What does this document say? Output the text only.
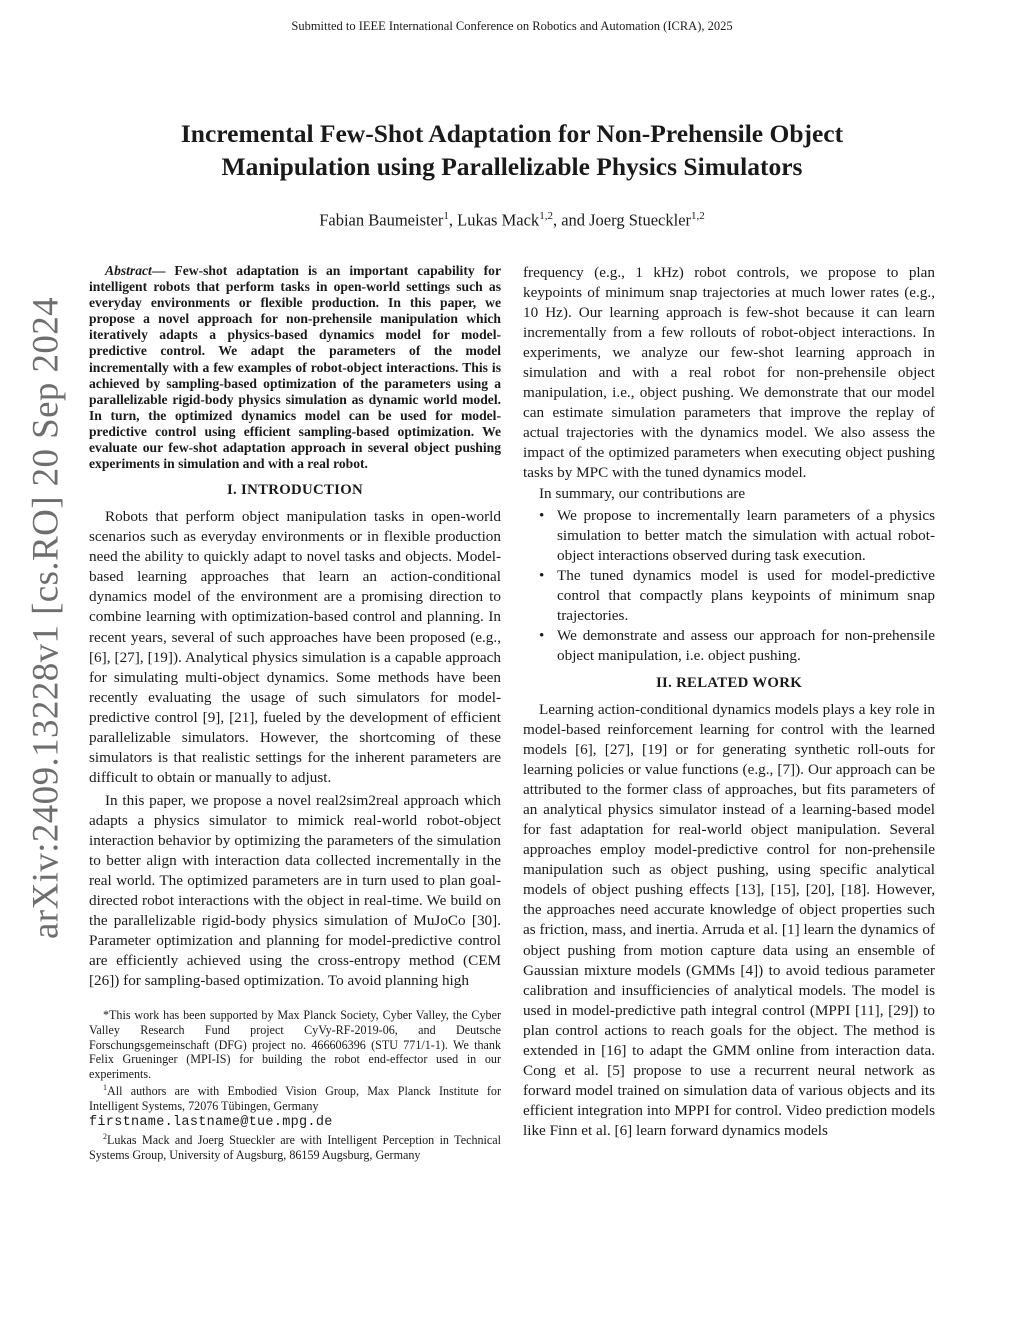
Submitted to IEEE International Conference on Robotics and Automation (ICRA), 2025
arXiv:2409.13228v1 [cs.RO] 20 Sep 2024
Incremental Few-Shot Adaptation for Non-Prehensile Object
Manipulation using Parallelizable Physics Simulators
Fabian Baumeister$^1$, Lukas Mack$^{1,2}$, and Joerg Stueckler$^{1,2}$

Abstract— Few-shot adaptation is an important capability for intelligent robots that perform tasks in open-world settings such as everyday environments or flexible production. In this paper, we propose a novel approach for non-prehensile manipulation which iteratively adapts a physics-based dynamics model for model-predictive control. We adapt the parameters of the model incrementally with a few examples of robot-object interactions. This is achieved by sampling-based optimization of the parameters using a parallelizable rigid-body physics simulation as dynamic world model. In turn, the optimized dynamics model can be used for model-predictive control using efficient sampling-based optimization. We evaluate our few-shot adaptation approach in several object pushing experiments in simulation and with a real robot.

I. INTRODUCTION

Robots that perform object manipulation tasks in open-world scenarios such as everyday environments or in flexible production need the ability to quickly adapt to novel tasks and objects. Model-based learning approaches that learn an action-conditional dynamics model of the environment are a promising direction to combine learning with optimization-based control and planning. In recent years, several of such approaches have been proposed (e.g., [6], [27], [19]). Analytical physics simulation is a capable approach for simulating multi-object dynamics. Some methods have been recently evaluating the usage of such simulators for model-predictive control [9], [21], fueled by the development of efficient parallelizable simulators. However, the shortcoming of these simulators is that realistic settings for the inherent parameters are difficult to obtain or manually to adjust.

In this paper, we propose a novel real2sim2real approach which adapts a physics simulator to mimick real-world robot-object interaction behavior by optimizing the parameters of the simulation to better align with interaction data collected incrementally in the real world. The optimized parameters are in turn used to plan goal-directed robot interactions with the object in real-time. We build on the parallelizable rigid-body physics simulation of MuJoCo [30]. Parameter optimization and planning for model-predictive control are efficiently achieved using the cross-entropy method (CEM [26]) for sampling-based optimization. To avoid planning high

*This work has been supported by Max Planck Society, Cyber Valley, the Cyber Valley Research Fund project CyVy-RF-2019-06, and Deutsche Forschungsgemeinschaft (DFG) project no. 466606396 (STU 771/1-1). We thank Felix Grueninger (MPI-IS) for building the robot end-effector used in our experiments.

$^1$All authors are with Embodied Vision Group, Max Planck Institute for Intelligent Systems, 72076 Tübingen, Germany
firstname.lastname@tue.mpg.de

$^2$Lukas Mack and Joerg Stueckler are with Intelligent Perception in Technical Systems Group, University of Augsburg, 86159 Augsburg, Germany

frequency (e.g., 1 kHz) robot controls, we propose to plan keypoints of minimum snap trajectories at much lower rates (e.g., 10 Hz). Our learning approach is few-shot because it can learn incrementally from a few rollouts of robot-object interactions. In experiments, we analyze our few-shot learning approach in simulation and with a real robot for non-prehensile object manipulation, i.e., object pushing. We demonstrate that our model can estimate simulation parameters that improve the replay of actual trajectories with the dynamics model. We also assess the impact of the optimized parameters when executing object pushing tasks by MPC with the tuned dynamics model.

In summary, our contributions are

• We propose to incrementally learn parameters of a physics simulation to better match the simulation with actual robot-object interactions observed during task execution.
• The tuned dynamics model is used for model-predictive control that compactly plans keypoints of minimum snap trajectories.
• We demonstrate and assess our approach for non-prehensile object manipulation, i.e. object pushing.
II. RELATED WORK

Learning action-conditional dynamics models plays a key role in model-based reinforcement learning for control with the learned models [6], [27], [19] or for generating synthetic roll-outs for learning policies or value functions (e.g., [7]). Our approach can be attributed to the former class of approaches, but fits parameters of an analytical physics simulator instead of a learning-based model for fast adaptation for real-world object manipulation. Several approaches employ model-predictive control for non-prehensile manipulation such as object pushing, using specific analytical models of object pushing effects [13], [15], [20], [18]. However, the approaches need accurate knowledge of object properties such as friction, mass, and inertia. Arruda et al. [1] learn the dynamics of object pushing from motion capture data using an ensemble of Gaussian mixture models (GMMs [4]) to avoid tedious parameter calibration and insufficiencies of analytical models. The model is used in model-predictive path integral control (MPPI [11], [29]) to plan control actions to reach goals for the object. The method is extended in [16] to adapt the GMM online from interaction data. Cong et al. [5] propose to use a recurrent neural network as forward model trained on simulation data of various objects and its efficient integration into MPPI for control. Video prediction models like Finn et al. [6] learn forward dynamics models
